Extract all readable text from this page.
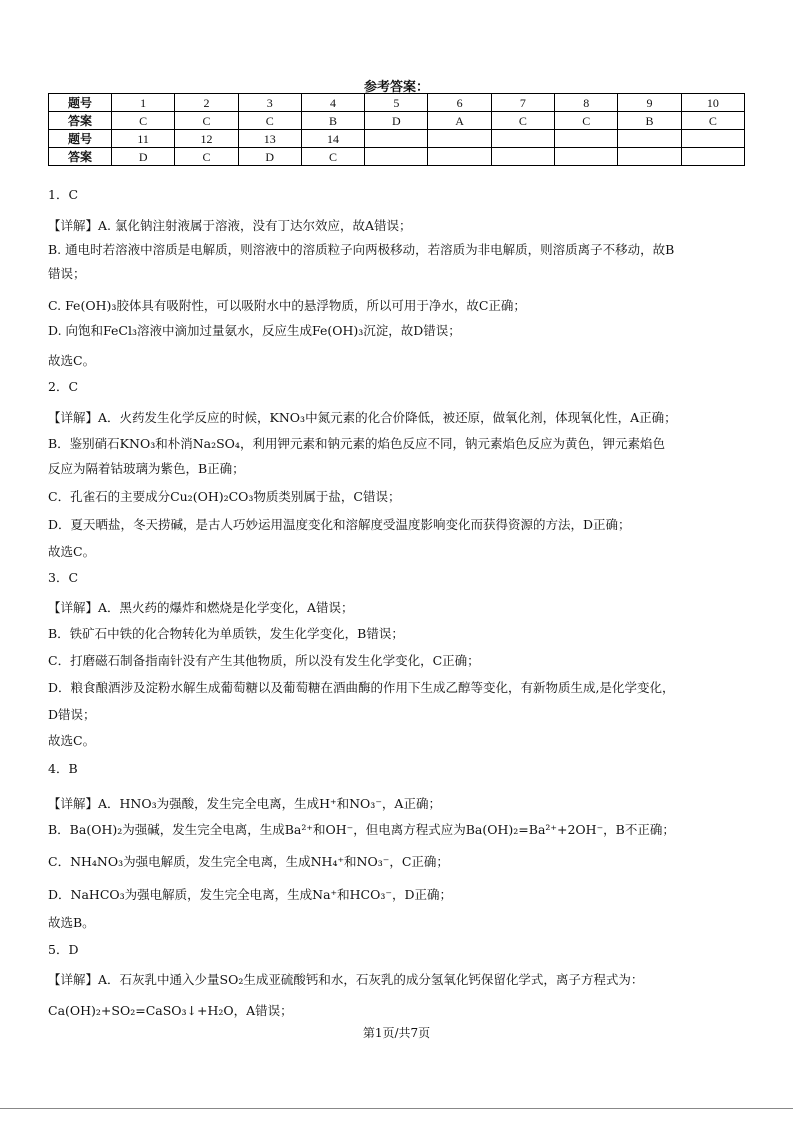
参考答案：
题号	1	2	3	4	5	6	7	8	9	10
答案	C	C	C	B	D	A	C	C	B	C
题号	11	12	13	14						
答案	D	C	D	C						
1．C
【详解】A. 氯化钠注射液属于溶液，没有丁达尔效应，故A错误；
B. 通电时若溶液中溶质是电解质，则溶液中的溶质粒子向两极移动，若溶质为非电解质，则溶质离子不移动，故B
错误；
C. Fe(OH)₃胶体具有吸附性，可以吸附水中的悬浮物质，所以可用于净水，故C正确；
D. 向饱和FeCl₃溶液中滴加过量氨水，反应生成Fe(OH)₃沉淀，故D错误；
故选C。
2．C
【详解】A．火药发生化学反应的时候，KNO₃中氮元素的化合价降低，被还原，做氧化剂，体现氧化性，A正确；
B．鉴别硝石KNO₃和朴消Na₂SO₄，利用钾元素和钠元素的焰色反应不同，钠元素焰色反应为黄色，钾元素焰色
反应为隔着钴玻璃为紫色，B正确；
C．孔雀石的主要成分Cu₂(OH)₂CO₃物质类别属于盐，C错误；
D．夏天晒盐，冬天捞碱，是古人巧妙运用温度变化和溶解度受温度影响变化而获得资源的方法，D正确；
故选C。
3．C
【详解】A．黑火药的爆炸和燃烧是化学变化，A错误；
B．铁矿石中铁的化合物转化为单质铁，发生化学变化，B错误；
C．打磨磁石制备指南针没有产生其他物质，所以没有发生化学变化，C正确；
D．粮食酿酒涉及淀粉水解生成葡萄糖以及葡萄糖在酒曲酶的作用下生成乙醇等变化，有新物质生成,是化学变化，
D错误；
故选C。
4．B
【详解】A．HNO₃为强酸，发生完全电离，生成H⁺和NO₃⁻，A正确；
B．Ba(OH)₂为强碱，发生完全电离，生成Ba²⁺和OH⁻，但电离方程式应为Ba(OH)₂=Ba²⁺+2OH⁻，B不正确；
C．NH₄NO₃为强电解质，发生完全电离，生成NH₄⁺和NO₃⁻，C正确；
D．NaHCO₃为强电解质，发生完全电离，生成Na⁺和HCO₃⁻，D正确；
故选B。
5．D
【详解】A．石灰乳中通入少量SO₂生成亚硫酸钙和水，石灰乳的成分氢氧化钙保留化学式，离子方程式为：
Ca(OH)₂+SO₂=CaSO₃↓+H₂O，A错误；
第1页/共7页
